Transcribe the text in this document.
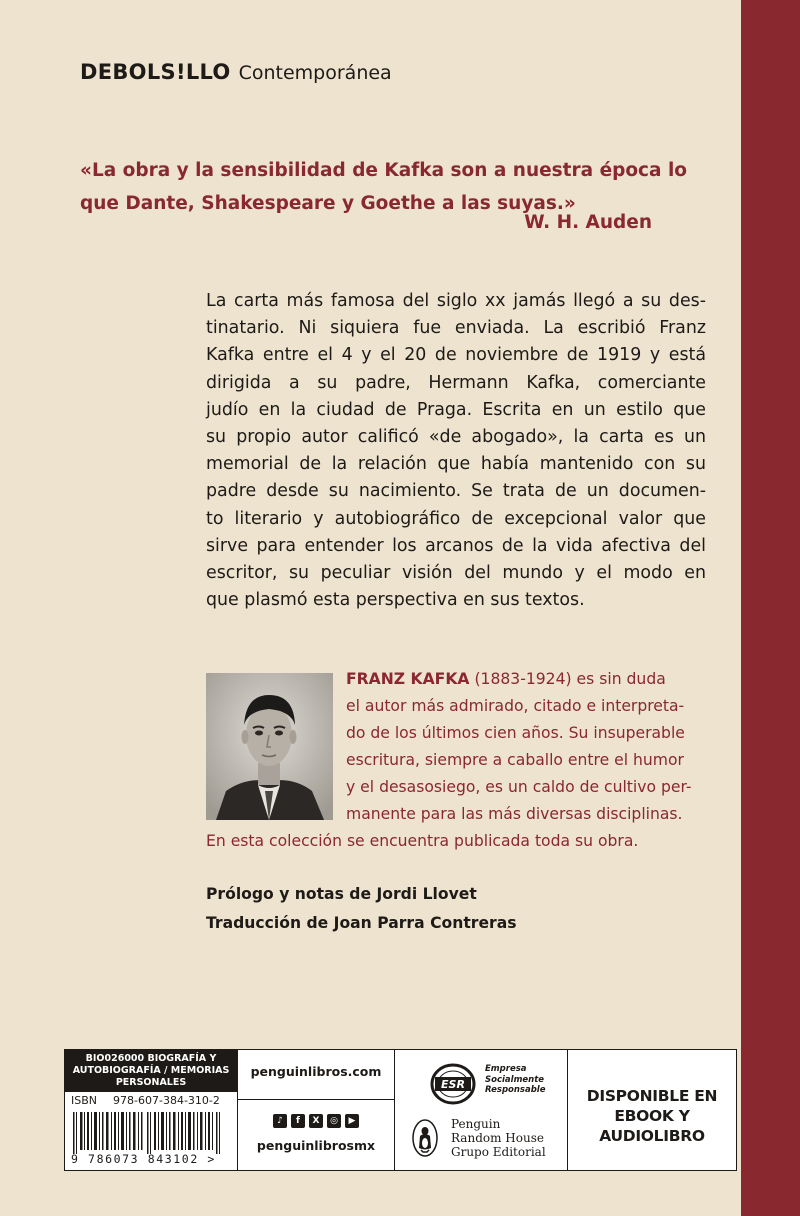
DEBOLS!LLO Contemporánea
«La obra y la sensibilidad de Kafka son a nuestra época lo que Dante, Shakespeare y Goethe a las suyas.»
W. H. Auden
La carta más famosa del siglo xx jamás llegó a su des-
tinatario. Ni siquiera fue enviada. La escribió Franz
Kafka entre el 4 y el 20 de noviembre de 1919 y está
dirigida a su padre, Hermann Kafka, comerciante
judío en la ciudad de Praga. Escrita en un estilo que
su propio autor calificó «de abogado», la carta es un
memorial de la relación que había mantenido con su
padre desde su nacimiento. Se trata de un documen-
to literario y autobiográfico de excepcional valor que
sirve para entender los arcanos de la vida afectiva del
escritor, su peculiar visión del mundo y el modo en
que plasmó esta perspectiva en sus textos.
FRANZ KAFKA (1883-1924) es sin duda
el autor más admirado, citado e interpreta-
do de los últimos cien años. Su insuperable
escritura, siempre a caballo entre el humor
y el desasosiego, es un caldo de cultivo per-
manente para las más diversas disciplinas.
En esta colección se encuentra publicada toda su obra.
Prólogo y notas de Jordi Llovet
Traducción de Joan Parra Contreras
BIO026000 BIOGRAFÍA Y AUTOBIOGRAFÍA / MEMORIAS PERSONALES
ISBN 978-607-384-310-2
9 786073 843102 >
penguinlibros.com
♪	f	X	◎	▶
penguinlibrosmx
ESR
Empresa
Socialmente
Responsable
Penguin
Random House
Grupo Editorial
DISPONIBLE EN
EBOOK Y AUDIOLIBRO
